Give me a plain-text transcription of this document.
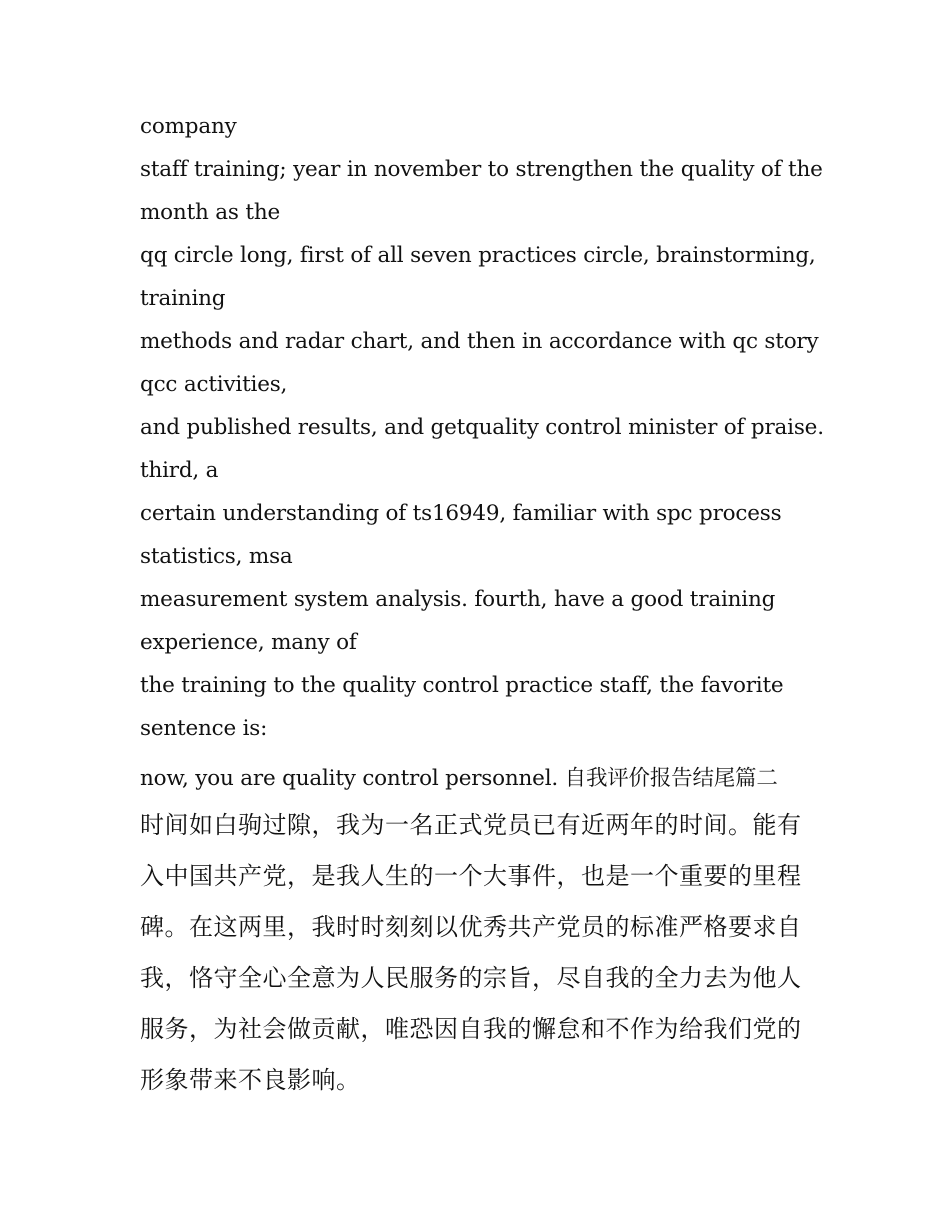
company
staff training; year in november to strengthen the quality of the
month as the
qq circle long, first of all seven practices circle, brainstorming,
training
methods and radar chart, and then in accordance with qc story
qcc activities,
and published results, and getquality control minister of praise.
third, a
certain understanding of ts16949, familiar with spc process
statistics, msa
measurement system analysis. fourth, have a good training
experience, many of
the training to the quality control practice staff, the favorite
sentence is:
now, you are quality control personnel. 自我评价报告结尾篇二
时间如白驹过隙，我为一名正式党员已有近两年的时间。能有
入中国共产党，是我人生的一个大事件，也是一个重要的里程
碑。在这两里，我时时刻刻以优秀共产党员的标准严格要求自
我，恪守全心全意为人民服务的宗旨，尽自我的全力去为他人
服务，为社会做贡献，唯恐因自我的懈怠和不作为给我们党的
形象带来不良影响。
